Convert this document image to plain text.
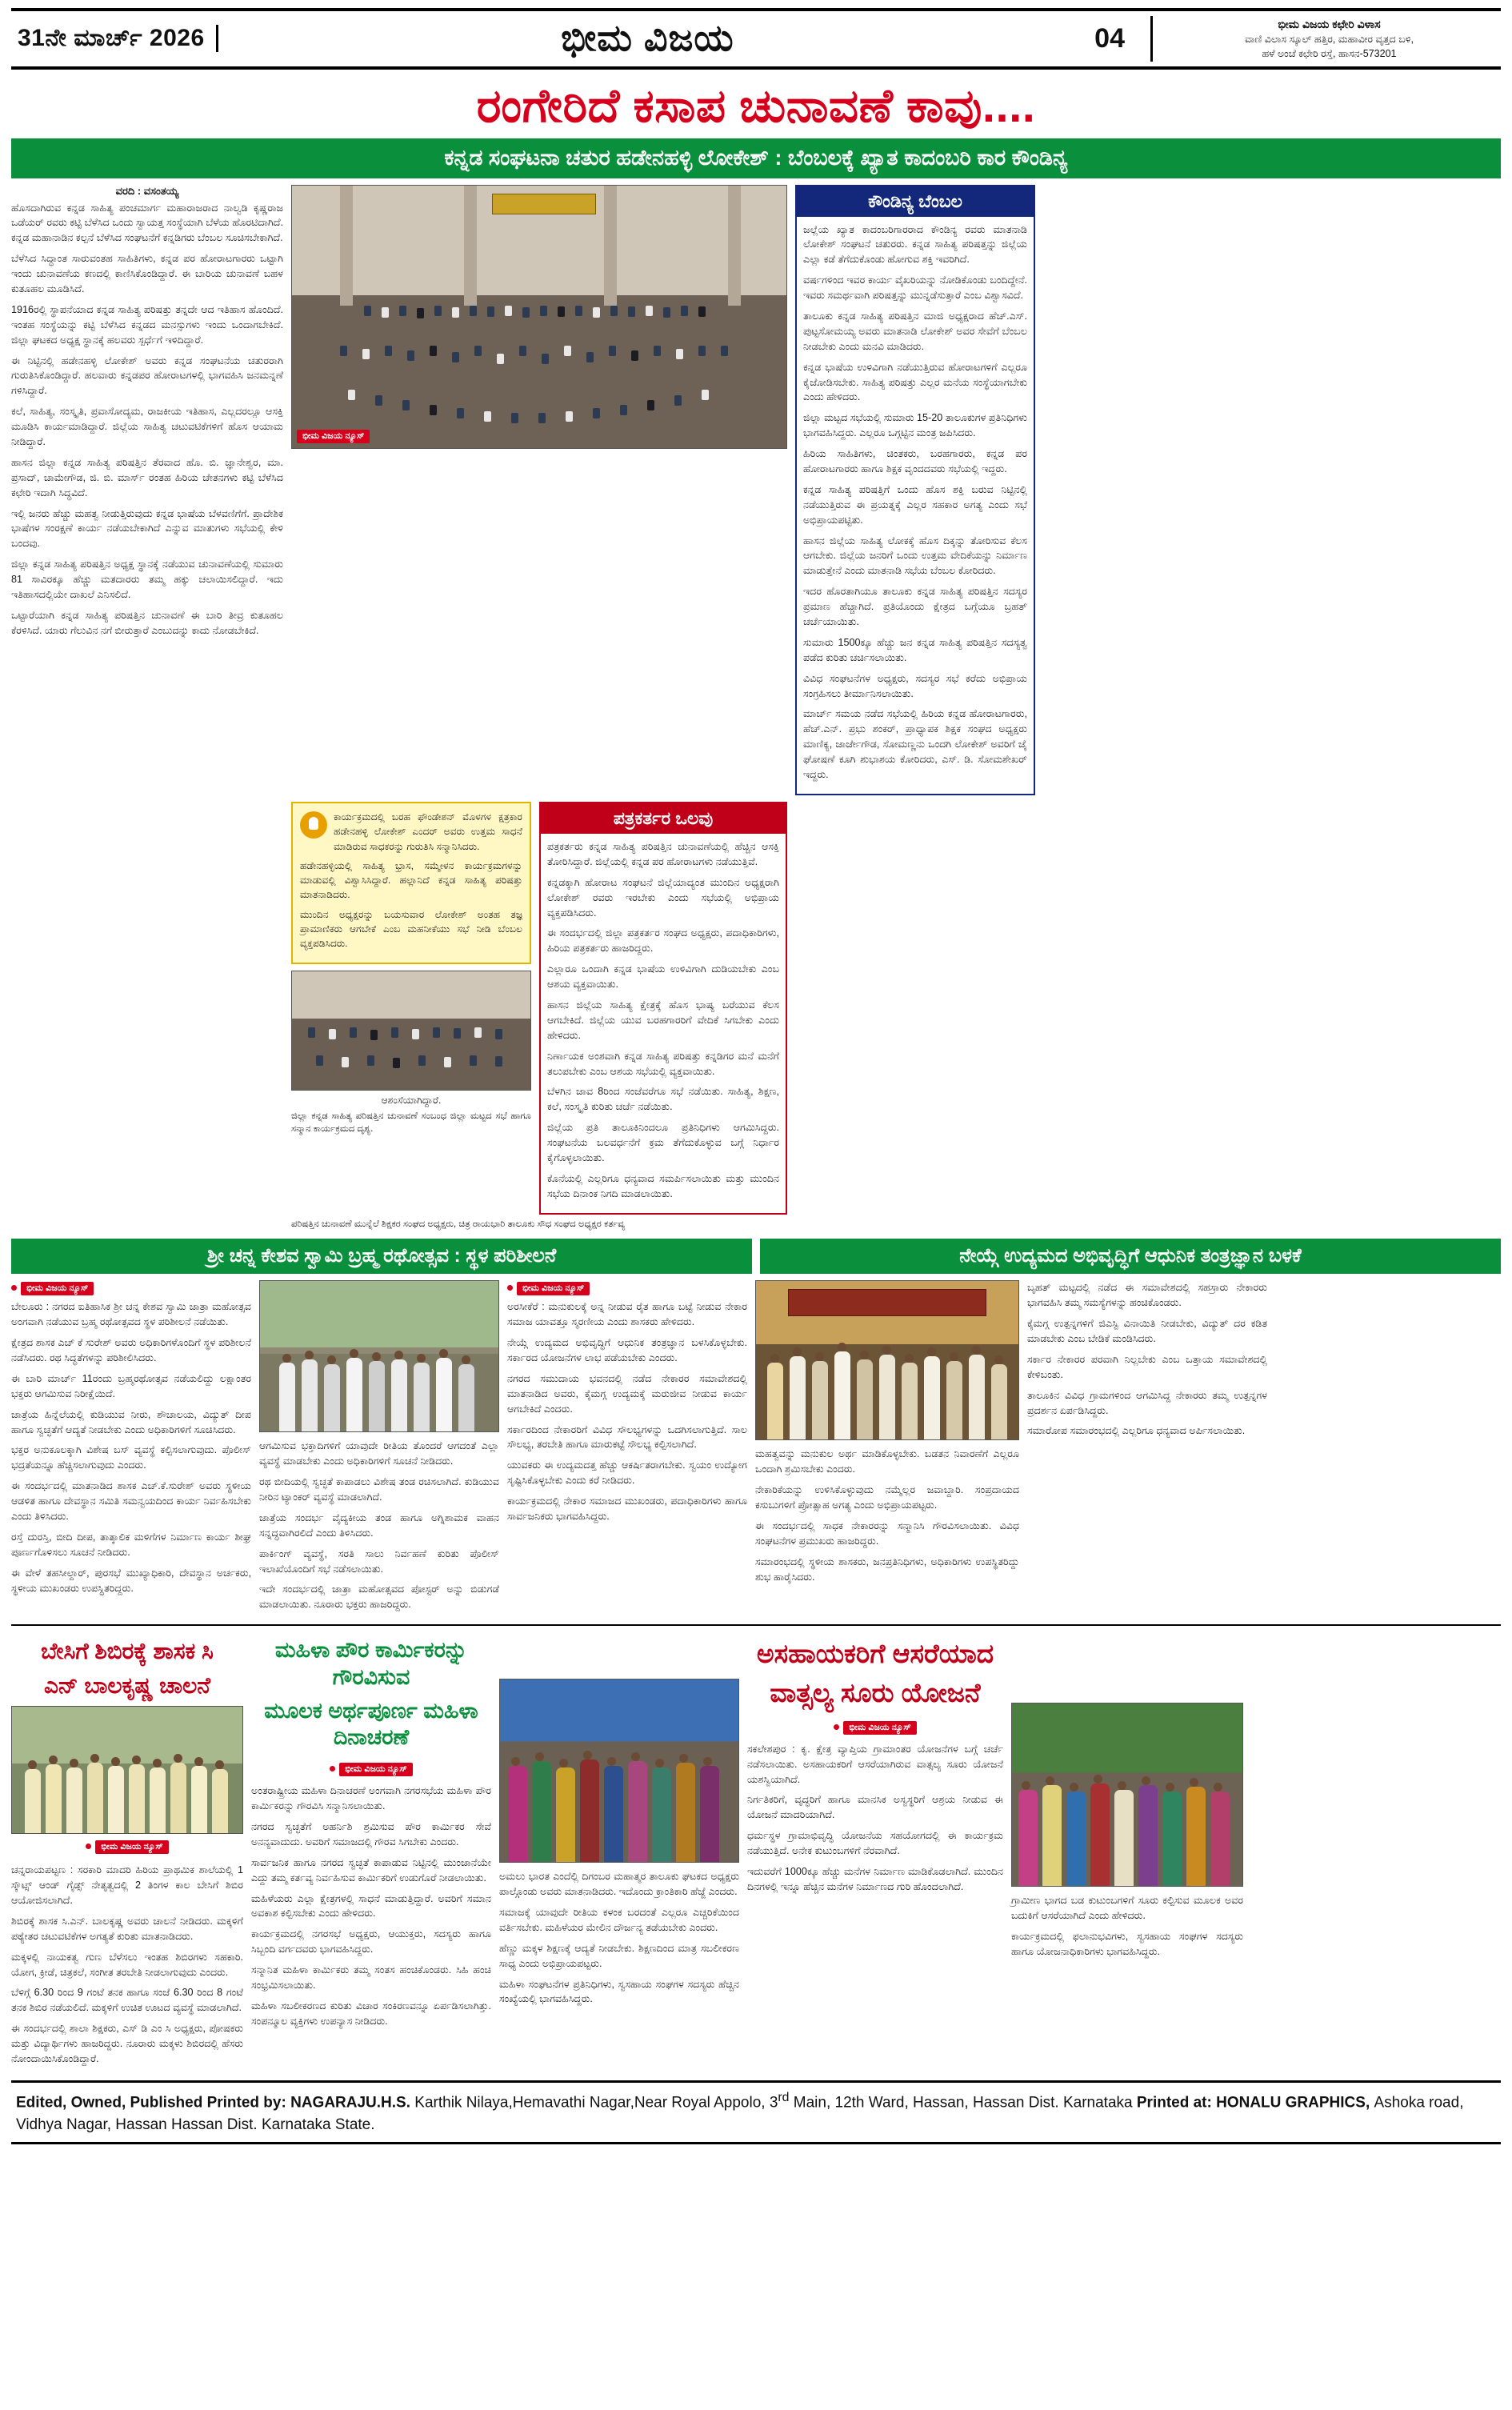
31ನೇ ಮಾರ್ಚ್ 2026	ಭೀಮ ವಿಜಯ	04	ಭೀಮ ವಿಜಯ ಕಛೇರಿ ವಿಳಾಸ
ವಾಣಿ ವಿಲಾಸ ಸ್ಕೂಲ್ ಹತ್ತಿರ, ಮಹಾವೀರ ವೃತ್ತದ ಬಳಿ,
ಹಳೆ ಅಂಚೆ ಕಛೇರಿ ರಸ್ತೆ, ಹಾಸನ-573201
ರಂಗೇರಿದೆ ಕಸಾಪ ಚುನಾವಣೆ ಕಾವು....
ಕನ್ನಡ ಸಂಘಟನಾ ಚತುರ ಹಡೇನಹಳ್ಳಿ ಲೋಕೇಶ್ : ಬೆಂಬಲಕ್ಕೆ ಖ್ಯಾತ ಕಾದಂಬರಿ ಕಾರ ಕೌಂಡಿನ್ಯ
ವರದಿ : ವಸಂತಯ್ಯ

ಹೊಸದಾಗಿರುವ ಕನ್ನಡ ಸಾಹಿತ್ಯ ಪಂಚಮಾರ್ಗ ಮಹಾರಾಜರಾದ ನಾಲ್ವಡಿ ಕೃಷ್ಣರಾಜ ಒಡೆಯರ್ ರವರು ಕಟ್ಟಿ ಬೆಳೆಸಿದ ಒಂದು ಸ್ವಾಯತ್ತ ಸಂಸ್ಥೆಯಾಗಿ ಬೆಳೆಯ ಹೊರಟಿದಾಗಿದೆ. ಕನ್ನಡ ಮಹಾನಾಡಿನ ಕಲ್ಪನೆ ಬೆಳೆಸಿದ ಸಂಘಟನೆಗೆ ಕನ್ನಡಿಗರು ಬೆಂಬಲ ಸೂಚಿಸಬೇಕಾಗಿದೆ.

ಬೆಳೆಸಿದ ಸಿದ್ಧಾಂತ ಸಾರುವಂತಹ ಸಾಹಿತಿಗಳು, ಕನ್ನಡ ಪರ ಹೋರಾಟಗಾರರು ಒಟ್ಟಾಗಿ ಇಂದು ಚುನಾವಣೆಯ ಕಣದಲ್ಲಿ ಕಾಣಿಸಿಕೊಂಡಿದ್ದಾರೆ. ಈ ಬಾರಿಯ ಚುನಾವಣೆ ಬಹಳ ಕುತೂಹಲ ಮೂಡಿಸಿದೆ.

1916ರಲ್ಲಿ ಸ್ಥಾಪನೆಯಾದ ಕನ್ನಡ ಸಾಹಿತ್ಯ ಪರಿಷತ್ತು ತನ್ನದೇ ಆದ ಇತಿಹಾಸ ಹೊಂದಿದೆ. ಇಂತಹ ಸಂಸ್ಥೆಯನ್ನು ಕಟ್ಟಿ ಬೆಳೆಸಿದ ಕನ್ನಡದ ಮನಸ್ಸುಗಳು ಇಂದು ಒಂದಾಗಬೇಕಿದೆ. ಜಿಲ್ಲಾ ಘಟಕದ ಅಧ್ಯಕ್ಷ ಸ್ಥಾನಕ್ಕೆ ಹಲವರು ಸ್ಪರ್ಧೆಗೆ ಇಳಿದಿದ್ದಾರೆ.

ಈ ನಿಟ್ಟಿನಲ್ಲಿ ಹಡೇನಹಳ್ಳಿ ಲೋಕೇಶ್ ಅವರು ಕನ್ನಡ ಸಂಘಟನೆಯ ಚತುರರಾಗಿ ಗುರುತಿಸಿಕೊಂಡಿದ್ದಾರೆ. ಹಲವಾರು ಕನ್ನಡಪರ ಹೋರಾಟಗಳಲ್ಲಿ ಭಾಗವಹಿಸಿ ಜನಮನ್ನಣೆ ಗಳಿಸಿದ್ದಾರೆ.

ಕಲೆ, ಸಾಹಿತ್ಯ, ಸಂಸ್ಕೃತಿ, ಪ್ರವಾಸೋದ್ಯಮ, ರಾಜಕೀಯ ಇತಿಹಾಸ, ಎಲ್ಲದರಲ್ಲೂ ಆಸಕ್ತಿ ಮೂಡಿಸಿ ಕಾರ್ಯಮಾಡಿದ್ದಾರೆ. ಜಿಲ್ಲೆಯ ಸಾಹಿತ್ಯ ಚಟುವಟಿಕೆಗಳಿಗೆ ಹೊಸ ಆಯಾಮ ನೀಡಿದ್ದಾರೆ.

ಹಾಸನ ಜಿಲ್ಲಾ ಕನ್ನಡ ಸಾಹಿತ್ಯ ಪರಿಷತ್ತಿನ ತೆರವಾದ ಹೊ. ಬಿ. ಜ್ಞಾನೇಶ್ವರ, ಮಾ. ಪ್ರಸಾದ್, ಚಾಮೇಗೌಡ, ಜಿ. ಬಿ. ಮಾರ್ಸ್ ರಂತಹ ಹಿರಿಯ ಚೇತನಗಳು ಕಟ್ಟಿ ಬೆಳೆಸಿದ ಕಛೇರಿ ಇದಾಗಿ ಸಿದ್ಧವಿದೆ.

ಇಲ್ಲಿ ಜನರು ಹೆಚ್ಚು ಮಹತ್ವ ನೀಡುತ್ತಿರುವುದು ಕನ್ನಡ ಭಾಷೆಯ ಬೆಳವಣಿಗೆಗೆ. ಪ್ರಾದೇಶಿಕ ಭಾಷೆಗಳ ಸಂರಕ್ಷಣೆ ಕಾರ್ಯ ನಡೆಯಬೇಕಾಗಿದೆ ಎನ್ನುವ ಮಾತುಗಳು ಸಭೆಯಲ್ಲಿ ಕೇಳಿ ಬಂದವು.

ಜಿಲ್ಲಾ ಕನ್ನಡ ಸಾಹಿತ್ಯ ಪರಿಷತ್ತಿನ ಅಧ್ಯಕ್ಷ ಸ್ಥಾನಕ್ಕೆ ನಡೆಯುವ ಚುನಾವಣೆಯಲ್ಲಿ ಸುಮಾರು 81 ಸಾವಿರಕ್ಕೂ ಹೆಚ್ಚು ಮತದಾರರು ತಮ್ಮ ಹಕ್ಕು ಚಲಾಯಿಸಲಿದ್ದಾರೆ. ಇದು ಇತಿಹಾಸದಲ್ಲಿಯೇ ದಾಖಲೆ ಎನಿಸಲಿದೆ.

ಒಟ್ಟಾರೆಯಾಗಿ ಕನ್ನಡ ಸಾಹಿತ್ಯ ಪರಿಷತ್ತಿನ ಚುನಾವಣೆ ಈ ಬಾರಿ ತೀವ್ರ ಕುತೂಹಲ ಕೆರಳಿಸಿದೆ. ಯಾರು ಗೆಲುವಿನ ನಗೆ ಬೀರುತ್ತಾರೆ ಎಂಬುದನ್ನು ಕಾದು ನೋಡಬೇಕಿದೆ.

ಭೀಮ ವಿಜಯ ನ್ಯೂಸ್
ಕೌಂಡಿನ್ಯ ಬೆಂಬಲ

ಜಲ್ಲೆಯ ಖ್ಯಾತ ಕಾದಂಬರಿಗಾರರಾದ ಕೌಂಡಿನ್ಯ ರವರು ಮಾತನಾಡಿ ಲೋಕೇಶ್ ಸಂಘಟನೆ ಚತುರರು. ಕನ್ನಡ ಸಾಹಿತ್ಯ ಪರಿಷತ್ತನ್ನು ಜಿಲ್ಲೆಯ ಎಲ್ಲಾ ಕಡೆ ತೆಗೆದುಕೊಂಡು ಹೋಗುವ ಶಕ್ತಿ ಇವರಿಗಿದೆ.

ವರ್ಷಗಳಿಂದ ಇವರ ಕಾರ್ಯ ವೈಖರಿಯನ್ನು ನೋಡಿಕೊಂಡು ಬಂದಿದ್ದೇನೆ. ಇವರು ಸಮರ್ಥವಾಗಿ ಪರಿಷತ್ತನ್ನು ಮುನ್ನಡೆಸುತ್ತಾರೆ ಎಂಬ ವಿಶ್ವಾಸವಿದೆ.

ತಾಲೂಕು ಕನ್ನಡ ಸಾಹಿತ್ಯ ಪರಿಷತ್ತಿನ ಮಾಜಿ ಅಧ್ಯಕ್ಷರಾದ ಹೆಚ್.ಎಸ್. ಪುಟ್ಟಸೋಮಯ್ಯ ಅವರು ಮಾತನಾಡಿ ಲೋಕೇಶ್ ಅವರ ಸೇವೆಗೆ ಬೆಂಬಲ ನೀಡಬೇಕು ಎಂದು ಮನವಿ ಮಾಡಿದರು.

ಕನ್ನಡ ಭಾಷೆಯ ಉಳಿವಿಗಾಗಿ ನಡೆಯುತ್ತಿರುವ ಹೋರಾಟಗಳಿಗೆ ಎಲ್ಲರೂ ಕೈಜೋಡಿಸಬೇಕು. ಸಾಹಿತ್ಯ ಪರಿಷತ್ತು ಎಲ್ಲರ ಮನೆಯ ಸಂಸ್ಥೆಯಾಗಬೇಕು ಎಂದು ಹೇಳಿದರು.

ಜಿಲ್ಲಾ ಮಟ್ಟದ ಸಭೆಯಲ್ಲಿ ಸುಮಾರು 15-20 ತಾಲೂಕುಗಳ ಪ್ರತಿನಿಧಿಗಳು ಭಾಗವಹಿಸಿದ್ದರು. ಎಲ್ಲರೂ ಒಗ್ಗಟ್ಟಿನ ಮಂತ್ರ ಜಪಿಸಿದರು.

ಹಿರಿಯ ಸಾಹಿತಿಗಳು, ಚಿಂತಕರು, ಬರಹಗಾರರು, ಕನ್ನಡ ಪರ ಹೋರಾಟಗಾರರು ಹಾಗೂ ಶಿಕ್ಷಕ ವೃಂದದವರು ಸಭೆಯಲ್ಲಿ ಇದ್ದರು.

ಕನ್ನಡ ಸಾಹಿತ್ಯ ಪರಿಷತ್ತಿಗೆ ಒಂದು ಹೊಸ ಶಕ್ತಿ ಬರುವ ನಿಟ್ಟಿನಲ್ಲಿ ನಡೆಯುತ್ತಿರುವ ಈ ಪ್ರಯತ್ನಕ್ಕೆ ಎಲ್ಲರ ಸಹಕಾರ ಅಗತ್ಯ ಎಂದು ಸಭೆ ಅಭಿಪ್ರಾಯಪಟ್ಟಿತು.

ಹಾಸನ ಜಿಲ್ಲೆಯ ಸಾಹಿತ್ಯ ಲೋಕಕ್ಕೆ ಹೊಸ ದಿಕ್ಕನ್ನು ತೋರಿಸುವ ಕೆಲಸ ಆಗಬೇಕು. ಜಿಲ್ಲೆಯ ಜನರಿಗೆ ಒಂದು ಉತ್ತಮ ವೇದಿಕೆಯನ್ನು ನಿರ್ಮಾಣ ಮಾಡುತ್ತೇನೆ ಎಂದು ಮಾತನಾಡಿ ಸಭೆಯ ಬೆಂಬಲ ಕೋರಿದರು.

ಇದರ ಹೊರತಾಗಿಯೂ ತಾಲೂಕು ಕನ್ನಡ ಸಾಹಿತ್ಯ ಪರಿಷತ್ತಿನ ಸದಸ್ಯರ ಪ್ರಮಾಣ ಹೆಚ್ಚಾಗಿದೆ. ಪ್ರತಿಯೊಂದು ಕ್ಷೇತ್ರದ ಬಗ್ಗೆಯೂ ಬ್ರಹತ್ ಚರ್ಚೆಯಾಯಿತು.

ಸುಮಾರು 1500ಕ್ಕೂ ಹೆಚ್ಚು ಜನ ಕನ್ನಡ ಸಾಹಿತ್ಯ ಪರಿಷತ್ತಿನ ಸದಸ್ಯತ್ವ ಪಡೆದ ಕುರಿತು ಚರ್ಚಿಸಲಾಯಿತು.

ವಿವಿಧ ಸಂಘಟನೆಗಳ ಅಧ್ಯಕ್ಷರು, ಸದಸ್ಯರ ಸಭೆ ಕರೆದು ಅಭಿಪ್ರಾಯ ಸಂಗ್ರಹಿಸಲು ತೀರ್ಮಾನಿಸಲಾಯಿತು.

ಮಾರ್ಚ್ ಸಮಯ ನಡೆದ ಸಭೆಯಲ್ಲಿ ಹಿರಿಯ ಕನ್ನಡ ಹೋರಾಟಗಾರರು, ಹೆಚ್.ಎನ್. ಪ್ರಭು ಶಂಕರ್, ಪ್ರಾಧ್ಯಾಪಕ ಶಿಕ್ಷಕ ಸಂಘದ ಅಧ್ಯಕ್ಷರು ಮಾಣಿಕ್ಯ, ಜಾರ್ಜೇಗೌಡ, ಸೋಮಣ್ಣನು ಒಂದಗಿ ಲೋಕೇಶ್ ಅವರಿಗೆ ಜೈ ಘೋಷಣೆ ಕೂಗಿ ಶುಭಾಶಯ ಕೋರಿದರು, ಎಸ್. ಡಿ. ಸೋಮಶೇಖರ್ ಇದ್ದರು.

ಕಾರ್ಯಕ್ರಮದಲ್ಲಿ ಬರಹ ಫೌಂಡೇಶನ್ ಮೊಳಗಳ ಕ್ಷತ್ರಕಾರ ಹಡೇನಹಳ್ಳಿ ಲೋಕೇಶ್ ಎಂದರ್ ಅವರು ಉತ್ತಮ ಸಾಧನೆ ಮಾಡಿರುವ ಸಾಧಕರನ್ನು ಗುರುತಿಸಿ ಸನ್ಮಾನಿಸಿದರು.

ಹಡೇನಹಳ್ಳಿಯಲ್ಲಿ ಸಾಹಿತ್ಯ ಭ್ರಾಸ, ಸಮ್ಮೇಳನ ಕಾರ್ಯಕ್ರಮಗಳನ್ನು ಮಾಡುವಲ್ಲಿ ವಿಶ್ವಾಸಿಸಿದ್ದಾರೆ. ಹಲ್ಲಾನಿದೆ ಕನ್ನಡ ಸಾಹಿತ್ಯ ಪರಿಷತ್ತು ಮಾತನಾಡಿದರು.

ಮುಂದಿನ ಅಧ್ಯಕ್ಷರನ್ನು ಬಯಸುವಾರ ಲೋಕೇಶ್ ಅಂತಹ ತಜ್ಞ ಪ್ರಾಮಾಣಿಕರು ಆಗಬೇಕೆ ಎಂಬ ಮಹನೀಕೆಯು ಸಭೆ ನೀಡಿ ಬೆಂಬಲ ವ್ಯಕ್ತಪಡಿಸಿದರು.

ಆಶಂಸೆಯಾಗಿದ್ದಾರೆ.
ಜಿಲ್ಲಾ ಕನ್ನಡ ಸಾಹಿತ್ಯ ಪರಿಷತ್ತಿನ ಚುನಾವಣೆ ಸಂಬಂಧ ಜಿಲ್ಲಾ ಮಟ್ಟದ ಸಭೆ ಹಾಗೂ ಸನ್ಮಾನ ಕಾರ್ಯಕ್ರಮದ ದೃಶ್ಯ.
ಪತ್ರಕರ್ತರ ಒಲವು

ಪತ್ರಕರ್ತರು ಕನ್ನಡ ಸಾಹಿತ್ಯ ಪರಿಷತ್ತಿನ ಚುನಾವಣೆಯಲ್ಲಿ ಹೆಚ್ಚಿನ ಆಸಕ್ತಿ ತೋರಿಸಿದ್ದಾರೆ. ಜಿಲ್ಲೆಯಲ್ಲಿ ಕನ್ನಡ ಪರ ಹೋರಾಟಗಳು ನಡೆಯುತ್ತಿವೆ.

ಕನ್ನಡಕ್ಕಾಗಿ ಹೋರಾಟ ಸಂಘಟನೆ ಜಿಲ್ಲೆಯಾದ್ಯಂತ ಮುಂದಿನ ಅಧ್ಯಕ್ಷರಾಗಿ ಲೋಕೇಶ್ ರವರು ಇರಬೇಕು ಎಂದು ಸಭೆಯಲ್ಲಿ ಅಭಿಪ್ರಾಯ ವ್ಯಕ್ತಪಡಿಸಿದರು.

ಈ ಸಂದರ್ಭದಲ್ಲಿ ಜಿಲ್ಲಾ ಪತ್ರಕರ್ತರ ಸಂಘದ ಅಧ್ಯಕ್ಷರು, ಪದಾಧಿಕಾರಿಗಳು, ಹಿರಿಯ ಪತ್ರಕರ್ತರು ಹಾಜರಿದ್ದರು.

ಎಲ್ಲಾರೂ ಒಂದಾಗಿ ಕನ್ನಡ ಭಾಷೆಯ ಉಳಿವಿಗಾಗಿ ದುಡಿಯಬೇಕು ಎಂಬ ಆಶಯ ವ್ಯಕ್ತವಾಯಿತು.

ಹಾಸನ ಜಿಲ್ಲೆಯ ಸಾಹಿತ್ಯ ಕ್ಷೇತ್ರಕ್ಕೆ ಹೊಸ ಭಾಷ್ಯ ಬರೆಯುವ ಕೆಲಸ ಆಗಬೇಕಿದೆ. ಜಿಲ್ಲೆಯ ಯುವ ಬರಹಗಾರರಿಗೆ ವೇದಿಕೆ ಸಿಗಬೇಕು ಎಂದು ಹೇಳಿದರು.

ನಿರ್ಣಾಯಕ ಅಂಶವಾಗಿ ಕನ್ನಡ ಸಾಹಿತ್ಯ ಪರಿಷತ್ತು ಕನ್ನಡಿಗರ ಮನೆ ಮನೆಗೆ ತಲುಪಬೇಕು ಎಂಬ ಆಶಯ ಸಭೆಯಲ್ಲಿ ವ್ಯಕ್ತವಾಯಿತು.

ಬೆಳಗಿನ ಜಾವ 8ರಿಂದ ಸಂಜೆವರೆಗೂ ಸಭೆ ನಡೆಯಿತು. ಸಾಹಿತ್ಯ, ಶಿಕ್ಷಣ, ಕಲೆ, ಸಂಸ್ಕೃತಿ ಕುರಿತು ಚರ್ಚೆ ನಡೆಯಿತು.

ಜಿಲ್ಲೆಯ ಪ್ರತಿ ತಾಲೂಕಿನಿಂದಲೂ ಪ್ರತಿನಿಧಿಗಳು ಆಗಮಿಸಿದ್ದರು. ಸಂಘಟನೆಯ ಬಲವರ್ಧನೆಗೆ ಕ್ರಮ ತೆಗೆದುಕೊಳ್ಳುವ ಬಗ್ಗೆ ನಿರ್ಧಾರ ಕೈಗೊಳ್ಳಲಾಯಿತು.

ಕೊನೆಯಲ್ಲಿ ಎಲ್ಲರಿಗೂ ಧನ್ಯವಾದ ಸಮರ್ಪಿಸಲಾಯಿತು ಮತ್ತು ಮುಂದಿನ ಸಭೆಯ ದಿನಾಂಕ ನಿಗದಿ ಮಾಡಲಾಯಿತು.

ಪರಿಷತ್ತಿನ ಚುನಾವಣೆ ಮುನ್ನೆಲೆ ಶಿಕ್ಷಕರ ಸಂಘದ ಅಧ್ಯಕ್ಷರು, ಚಿತ್ರ ರಾಯಭಾರಿ ತಾಲೂಕು ಸೌಧ ಸಂಘದ ಅಧ್ಯಕ್ಷರ ಕರ್ತವ್ಯ
ಶ್ರೀ ಚನ್ನ ಕೇಶವ ಸ್ವಾಮಿ ಬ್ರಹ್ಮ ರಥೋತ್ಸವ : ಸ್ಥಳ ಪರಿಶೀಲನೆ	ನೇಯ್ಗೆ ಉದ್ಯಮದ ಅಭಿವೃದ್ಧಿಗೆ ಆಧುನಿಕ ತಂತ್ರಜ್ಞಾನ ಬಳಕೆ
ಭೀಮ ವಿಜಯ ನ್ಯೂಸ್

ಬೇಲೂರು : ನಗರದ ಐತಿಹಾಸಿಕ ಶ್ರೀ ಚನ್ನ ಕೇಶವ ಸ್ವಾಮಿ ಜಾತ್ರಾ ಮಹೋತ್ಸವ ಅಂಗವಾಗಿ ನಡೆಯುವ ಬ್ರಹ್ಮ ರಥೋತ್ಸವದ ಸ್ಥಳ ಪರಿಶೀಲನೆ ನಡೆಯಿತು.

ಕ್ಷೇತ್ರದ ಶಾಸಕ ಎಚ್ ಕೆ ಸುರೇಶ್ ಅವರು ಅಧಿಕಾರಿಗಳೊಂದಿಗೆ ಸ್ಥಳ ಪರಿಶೀಲನೆ ನಡೆಸಿದರು. ರಥ ಸಿದ್ಧತೆಗಳನ್ನು ಪರಿಶೀಲಿಸಿದರು.

ಈ ಬಾರಿ ಮಾರ್ಚ್ 11ರಂದು ಬ್ರಹ್ಮರಥೋತ್ಸವ ನಡೆಯಲಿದ್ದು ಲಕ್ಷಾಂತರ ಭಕ್ತರು ಆಗಮಿಸುವ ನಿರೀಕ್ಷೆಯಿದೆ.

ಜಾತ್ರೆಯ ಹಿನ್ನೆಲೆಯಲ್ಲಿ ಕುಡಿಯುವ ನೀರು, ಶೌಚಾಲಯ, ವಿದ್ಯುತ್ ದೀಪ ಹಾಗೂ ಸ್ವಚ್ಛತೆಗೆ ಆದ್ಯತೆ ನೀಡಬೇಕು ಎಂದು ಅಧಿಕಾರಿಗಳಿಗೆ ಸೂಚಿಸಿದರು.

ಭಕ್ತರ ಅನುಕೂಲಕ್ಕಾಗಿ ವಿಶೇಷ ಬಸ್ ವ್ಯವಸ್ಥೆ ಕಲ್ಪಿಸಲಾಗುವುದು. ಪೊಲೀಸ್ ಭದ್ರತೆಯನ್ನೂ ಹೆಚ್ಚಿಸಲಾಗುವುದು ಎಂದರು.

ಈ ಸಂದರ್ಭದಲ್ಲಿ ಮಾತನಾಡಿದ ಶಾಸಕ ಎಚ್.ಕೆ.ಸುರೇಶ್ ಅವರು ಸ್ಥಳೀಯ ಆಡಳಿತ ಹಾಗೂ ದೇವಸ್ಥಾನ ಸಮಿತಿ ಸಮನ್ವಯದಿಂದ ಕಾರ್ಯ ನಿರ್ವಹಿಸಬೇಕು ಎಂದು ತಿಳಿಸಿದರು.

ರಸ್ತೆ ದುರಸ್ತಿ, ಬೀದಿ ದೀಪ, ತಾತ್ಕಾಲಿಕ ಮಳಿಗೆಗಳ ನಿರ್ಮಾಣ ಕಾರ್ಯ ಶೀಘ್ರ ಪೂರ್ಣಗೊಳಿಸಲು ಸೂಚನೆ ನೀಡಿದರು.

ಈ ವೇಳೆ ತಹಸೀಲ್ದಾರ್, ಪುರಸಭೆ ಮುಖ್ಯಾಧಿಕಾರಿ, ದೇವಸ್ಥಾನ ಅರ್ಚಕರು, ಸ್ಥಳೀಯ ಮುಖಂಡರು ಉಪಸ್ಥಿತರಿದ್ದರು.

ಆಗಮಿಸುವ ಭಕ್ತಾದಿಗಳಿಗೆ ಯಾವುದೇ ರೀತಿಯ ತೊಂದರೆ ಆಗದಂತೆ ಎಲ್ಲಾ ವ್ಯವಸ್ಥೆ ಮಾಡಬೇಕು ಎಂದು ಅಧಿಕಾರಿಗಳಿಗೆ ಸೂಚನೆ ನೀಡಿದರು.

ರಥ ಬೀದಿಯಲ್ಲಿ ಸ್ವಚ್ಛತೆ ಕಾಪಾಡಲು ವಿಶೇಷ ತಂಡ ರಚಿಸಲಾಗಿದೆ. ಕುಡಿಯುವ ನೀರಿನ ಟ್ಯಾಂಕರ್ ವ್ಯವಸ್ಥೆ ಮಾಡಲಾಗಿದೆ.

ಜಾತ್ರೆಯ ಸಂದರ್ಭ ವೈದ್ಯಕೀಯ ತಂಡ ಹಾಗೂ ಅಗ್ನಿಶಾಮಕ ವಾಹನ ಸನ್ನದ್ಧವಾಗಿರಲಿದೆ ಎಂದು ತಿಳಿಸಿದರು.

ಪಾರ್ಕಿಂಗ್ ವ್ಯವಸ್ಥೆ, ಸರತಿ ಸಾಲು ನಿರ್ವಹಣೆ ಕುರಿತು ಪೊಲೀಸ್ ಇಲಾಖೆಯೊಂದಿಗೆ ಸಭೆ ನಡೆಸಲಾಯಿತು.

ಇದೇ ಸಂದರ್ಭದಲ್ಲಿ ಜಾತ್ರಾ ಮಹೋತ್ಸವದ ಪೋಸ್ಟರ್ ಅನ್ನು ಬಿಡುಗಡೆ ಮಾಡಲಾಯಿತು. ನೂರಾರು ಭಕ್ತರು ಹಾಜರಿದ್ದರು.

ಭೀಮ ವಿಜಯ ನ್ಯೂಸ್

ಅರಸೀಕೆರೆ : ಮನುಕುಲಕ್ಕೆ ಅನ್ನ ನೀಡುವ ರೈತ ಹಾಗೂ ಬಟ್ಟೆ ನೀಡುವ ನೇಕಾರ ಸಮಾಜ ಯಾವತ್ತೂ ಸ್ಮರಣೀಯ ಎಂದು ಶಾಸಕರು ಹೇಳಿದರು.

ನೇಯ್ಗೆ ಉದ್ಯಮದ ಅಭಿವೃದ್ಧಿಗೆ ಆಧುನಿಕ ತಂತ್ರಜ್ಞಾನ ಬಳಸಿಕೊಳ್ಳಬೇಕು. ಸರ್ಕಾರದ ಯೋಜನೆಗಳ ಲಾಭ ಪಡೆಯಬೇಕು ಎಂದರು.

ನಗರದ ಸಮುದಾಯ ಭವನದಲ್ಲಿ ನಡೆದ ನೇಕಾರರ ಸಮಾವೇಶದಲ್ಲಿ ಮಾತನಾಡಿದ ಅವರು, ಕೈಮಗ್ಗ ಉದ್ಯಮಕ್ಕೆ ಮರುಜೀವ ನೀಡುವ ಕಾರ್ಯ ಆಗಬೇಕಿದೆ ಎಂದರು.

ಸರ್ಕಾರದಿಂದ ನೇಕಾರರಿಗೆ ವಿವಿಧ ಸೌಲಭ್ಯಗಳನ್ನು ಒದಗಿಸಲಾಗುತ್ತಿದೆ. ಸಾಲ ಸೌಲಭ್ಯ, ತರಬೇತಿ ಹಾಗೂ ಮಾರುಕಟ್ಟೆ ಸೌಲಭ್ಯ ಕಲ್ಪಿಸಲಾಗಿದೆ.

ಯುವಕರು ಈ ಉದ್ಯಮದತ್ತ ಹೆಚ್ಚು ಆಕರ್ಷಿತರಾಗಬೇಕು. ಸ್ವಯಂ ಉದ್ಯೋಗ ಸೃಷ್ಟಿಸಿಕೊಳ್ಳಬೇಕು ಎಂದು ಕರೆ ನೀಡಿದರು.

ಕಾರ್ಯಕ್ರಮದಲ್ಲಿ ನೇಕಾರ ಸಮಾಜದ ಮುಖಂಡರು, ಪದಾಧಿಕಾರಿಗಳು ಹಾಗೂ ಸಾರ್ವಜನಿಕರು ಭಾಗವಹಿಸಿದ್ದರು.

ಮಹತ್ವವನ್ನು ಮನುಕುಲ ಅರ್ಥ ಮಾಡಿಕೊಳ್ಳಬೇಕು. ಬಡತನ ನಿವಾರಣೆಗೆ ಎಲ್ಲರೂ ಒಂದಾಗಿ ಶ್ರಮಿಸಬೇಕು ಎಂದರು.

ನೇಕಾರಿಕೆಯನ್ನು ಉಳಿಸಿಕೊಳ್ಳುವುದು ನಮ್ಮೆಲ್ಲರ ಜವಾಬ್ದಾರಿ. ಸಂಪ್ರದಾಯದ ಕಸುಬುಗಳಿಗೆ ಪ್ರೋತ್ಸಾಹ ಅಗತ್ಯ ಎಂದು ಅಭಿಪ್ರಾಯಪಟ್ಟರು.

ಈ ಸಂದರ್ಭದಲ್ಲಿ ಸಾಧಕ ನೇಕಾರರನ್ನು ಸನ್ಮಾನಿಸಿ ಗೌರವಿಸಲಾಯಿತು. ವಿವಿಧ ಸಂಘಟನೆಗಳ ಪ್ರಮುಖರು ಹಾಜರಿದ್ದರು.

ಸಮಾರಂಭದಲ್ಲಿ ಸ್ಥಳೀಯ ಶಾಸಕರು, ಜನಪ್ರತಿನಿಧಿಗಳು, ಅಧಿಕಾರಿಗಳು ಉಪಸ್ಥಿತರಿದ್ದು ಶುಭ ಹಾರೈಸಿದರು.

ಬೃಹತ್ ಮಟ್ಟದಲ್ಲಿ ನಡೆದ ಈ ಸಮಾವೇಶದಲ್ಲಿ ಸಹಸ್ರಾರು ನೇಕಾರರು ಭಾಗವಹಿಸಿ ತಮ್ಮ ಸಮಸ್ಯೆಗಳನ್ನು ಹಂಚಿಕೊಂಡರು.

ಕೈಮಗ್ಗ ಉತ್ಪನ್ನಗಳಿಗೆ ಜಿಎಸ್ಟಿ ವಿನಾಯಿತಿ ನೀಡಬೇಕು, ವಿದ್ಯುತ್ ದರ ಕಡಿತ ಮಾಡಬೇಕು ಎಂಬ ಬೇಡಿಕೆ ಮಂಡಿಸಿದರು.

ಸರ್ಕಾರ ನೇಕಾರರ ಪರವಾಗಿ ನಿಲ್ಲಬೇಕು ಎಂಬ ಒತ್ತಾಯ ಸಮಾವೇಶದಲ್ಲಿ ಕೇಳಿಬಂತು.

ತಾಲೂಕಿನ ವಿವಿಧ ಗ್ರಾಮಗಳಿಂದ ಆಗಮಿಸಿದ್ದ ನೇಕಾರರು ತಮ್ಮ ಉತ್ಪನ್ನಗಳ ಪ್ರದರ್ಶನ ಏರ್ಪಡಿಸಿದ್ದರು.

ಸಮಾರೋಪ ಸಮಾರಂಭದಲ್ಲಿ ಎಲ್ಲರಿಗೂ ಧನ್ಯವಾದ ಅರ್ಪಿಸಲಾಯಿತು.

ಬೇಸಿಗೆ ಶಿಬಿರಕ್ಕೆ ಶಾಸಕ ಸಿ
ಎನ್ ಬಾಲಕೃಷ್ಣ ಚಾಲನೆ
ಭೀಮ ವಿಜಯ ನ್ಯೂಸ್

ಚನ್ನರಾಯಪಟ್ಟಣ : ಸರಕಾರಿ ಮಾದರಿ ಹಿರಿಯ ಪ್ರಾಥಮಿಕ ಶಾಲೆಯಲ್ಲಿ 1 ಸ್ಕೌಟ್ಸ್ ಆಂಡ್ ಗೈಡ್ಸ್ ನೇತೃತ್ವದಲ್ಲಿ 2 ತಿಂಗಳ ಕಾಲ ಬೇಸಿಗೆ ಶಿಬಿರ ಆಯೋಜಿಸಲಾಗಿದೆ.

ಶಿಬಿರಕ್ಕೆ ಶಾಸಕ ಸಿ.ಎನ್. ಬಾಲಕೃಷ್ಣ ಅವರು ಚಾಲನೆ ನೀಡಿದರು. ಮಕ್ಕಳಿಗೆ ಪಠ್ಯೇತರ ಚಟುವಟಿಕೆಗಳ ಅಗತ್ಯತೆ ಕುರಿತು ಮಾತನಾಡಿದರು.

ಮಕ್ಕಳಲ್ಲಿ ನಾಯಕತ್ವ ಗುಣ ಬೆಳೆಸಲು ಇಂತಹ ಶಿಬಿರಗಳು ಸಹಕಾರಿ. ಯೋಗ, ಕ್ರೀಡೆ, ಚಿತ್ರಕಲೆ, ಸಂಗೀತ ತರಬೇತಿ ನೀಡಲಾಗುವುದು ಎಂದರು.

ಬೆಳಿಗ್ಗೆ 6.30 ರಿಂದ 9 ಗಂಟೆ ತನಕ ಹಾಗೂ ಸಂಜೆ 6.30 ರಿಂದ 8 ಗಂಟೆ ತನಕ ಶಿಬಿರ ನಡೆಯಲಿದೆ. ಮಕ್ಕಳಿಗೆ ಉಚಿತ ಊಟದ ವ್ಯವಸ್ಥೆ ಮಾಡಲಾಗಿದೆ.

ಈ ಸಂದರ್ಭದಲ್ಲಿ ಶಾಲಾ ಶಿಕ್ಷಕರು, ಎಸ್ ಡಿ ಎಂ ಸಿ ಅಧ್ಯಕ್ಷರು, ಪೋಷಕರು ಮತ್ತು ವಿದ್ಯಾರ್ಥಿಗಳು ಹಾಜರಿದ್ದರು. ನೂರಾರು ಮಕ್ಕಳು ಶಿಬಿರದಲ್ಲಿ ಹೆಸರು ನೋಂದಾಯಿಸಿಕೊಂಡಿದ್ದಾರೆ.

ಮಹಿಳಾ ಪೌರ ಕಾರ್ಮಿಕರನ್ನು ಗೌರವಿಸುವ
ಮೂಲಕ ಅರ್ಥಪೂರ್ಣ ಮಹಿಳಾ ದಿನಾಚರಣೆ
ಭೀಮ ವಿಜಯ ನ್ಯೂಸ್

ಅಂತರಾಷ್ಟ್ರೀಯ ಮಹಿಳಾ ದಿನಾಚರಣೆ ಅಂಗವಾಗಿ ನಗರಸಭೆಯ ಮಹಿಳಾ ಪೌರ ಕಾರ್ಮಿಕರನ್ನು ಗೌರವಿಸಿ ಸನ್ಮಾನಿಸಲಾಯಿತು.

ನಗರದ ಸ್ವಚ್ಛತೆಗೆ ಅಹರ್ನಿಶಿ ಶ್ರಮಿಸುವ ಪೌರ ಕಾರ್ಮಿಕರ ಸೇವೆ ಅನನ್ಯವಾದುದು. ಅವರಿಗೆ ಸಮಾಜದಲ್ಲಿ ಗೌರವ ಸಿಗಬೇಕು ಎಂದರು.

ಸಾರ್ವಜನಿಕ ಹಾಗೂ ನಗರದ ಸ್ವಚ್ಛತೆ ಕಾಪಾಡುವ ನಿಟ್ಟಿನಲ್ಲಿ ಮುಂಜಾನೆಯೇ ಎದ್ದು ತಮ್ಮ ಕರ್ತವ್ಯ ನಿರ್ವಹಿಸುವ ಕಾರ್ಮಿಕರಿಗೆ ಉಡುಗೊರೆ ನೀಡಲಾಯಿತು.

ಮಹಿಳೆಯರು ಎಲ್ಲಾ ಕ್ಷೇತ್ರಗಳಲ್ಲಿ ಸಾಧನೆ ಮಾಡುತ್ತಿದ್ದಾರೆ. ಅವರಿಗೆ ಸಮಾನ ಅವಕಾಶ ಕಲ್ಪಿಸಬೇಕು ಎಂದು ಹೇಳಿದರು.

ಕಾರ್ಯಕ್ರಮದಲ್ಲಿ ನಗರಸಭೆ ಅಧ್ಯಕ್ಷರು, ಆಯುಕ್ತರು, ಸದಸ್ಯರು ಹಾಗೂ ಸಿಬ್ಬಂದಿ ವರ್ಗದವರು ಭಾಗವಹಿಸಿದ್ದರು.

ಸನ್ಮಾನಿತ ಮಹಿಳಾ ಕಾರ್ಮಿಕರು ತಮ್ಮ ಸಂತಸ ಹಂಚಿಕೊಂಡರು. ಸಿಹಿ ಹಂಚಿ ಸಂಭ್ರಮಿಸಲಾಯಿತು.

ಮಹಿಳಾ ಸಬಲೀಕರಣದ ಕುರಿತು ವಿಚಾರ ಸಂಕಿರಣವನ್ನೂ ಏರ್ಪಡಿಸಲಾಗಿತ್ತು. ಸಂಪನ್ಮೂಲ ವ್ಯಕ್ತಿಗಳು ಉಪನ್ಯಾಸ ನೀಡಿದರು.

ಅಮಲು ಭಾರತ ಎಂದೆಲ್ಲಿ ದಿಗಂಬರ ಮಹಾತ್ಮರ ತಾಲೂಕು ಘಟಕದ ಅಧ್ಯಕ್ಷರು ಪಾಲ್ಗೊಂಡು ಅವರು ಮಾತನಾಡಿದರು. ಇದೊಂದು ಕ್ರಾಂತಿಕಾರಿ ಹೆಜ್ಜೆ ಎಂದರು.

ಸಮಾಜಕ್ಕೆ ಯಾವುದೇ ರೀತಿಯ ಕಳಂಕ ಬರದಂತೆ ಎಲ್ಲರೂ ಎಚ್ಚರಿಕೆಯಿಂದ ವರ್ತಿಸಬೇಕು. ಮಹಿಳೆಯರ ಮೇಲಿನ ದೌರ್ಜನ್ಯ ತಡೆಯಬೇಕು ಎಂದರು.

ಹೆಣ್ಣು ಮಕ್ಕಳ ಶಿಕ್ಷಣಕ್ಕೆ ಆದ್ಯತೆ ನೀಡಬೇಕು. ಶಿಕ್ಷಣದಿಂದ ಮಾತ್ರ ಸಬಲೀಕರಣ ಸಾಧ್ಯ ಎಂದು ಅಭಿಪ್ರಾಯಪಟ್ಟರು.

ಮಹಿಳಾ ಸಂಘಟನೆಗಳ ಪ್ರತಿನಿಧಿಗಳು, ಸ್ವಸಹಾಯ ಸಂಘಗಳ ಸದಸ್ಯರು ಹೆಚ್ಚಿನ ಸಂಖ್ಯೆಯಲ್ಲಿ ಭಾಗವಹಿಸಿದ್ದರು.

ಅಸಹಾಯಕರಿಗೆ ಆಸರೆಯಾದ
ವಾತ್ಸಲ್ಯ ಸೂರು ಯೋಜನೆ
ಭೀಮ ವಿಜಯ ನ್ಯೂಸ್

ಸಕಲೇಶಪುರ : ಕೃ. ಕ್ಷೇತ್ರ ವ್ಯಾಪ್ತಿಯ ಗ್ರಾಮಾಂತರ ಯೋಜನೆಗಳ ಬಗ್ಗೆ ಚರ್ಚೆ ನಡೆಸಲಾಯಿತು. ಅಸಹಾಯಕರಿಗೆ ಆಸರೆಯಾಗಿರುವ ವಾತ್ಸಲ್ಯ ಸೂರು ಯೋಜನೆ ಯಶಸ್ವಿಯಾಗಿದೆ.

ನಿರ್ಗತಿಕರಿಗೆ, ವೃದ್ಧರಿಗೆ ಹಾಗೂ ಮಾನಸಿಕ ಅಸ್ವಸ್ಥರಿಗೆ ಆಶ್ರಯ ನೀಡುವ ಈ ಯೋಜನೆ ಮಾದರಿಯಾಗಿದೆ.

ಧರ್ಮಸ್ಥಳ ಗ್ರಾಮಾಭಿವೃದ್ಧಿ ಯೋಜನೆಯ ಸಹಯೋಗದಲ್ಲಿ ಈ ಕಾರ್ಯಕ್ರಮ ನಡೆಯುತ್ತಿದೆ. ಅನೇಕ ಕುಟುಂಬಗಳಿಗೆ ನೆರವಾಗಿದೆ.

ಇದುವರೆಗೆ 1000ಕ್ಕೂ ಹೆಚ್ಚು ಮನೆಗಳ ನಿರ್ಮಾಣ ಮಾಡಿಕೊಡಲಾಗಿದೆ. ಮುಂದಿನ ದಿನಗಳಲ್ಲಿ ಇನ್ನೂ ಹೆಚ್ಚಿನ ಮನೆಗಳ ನಿರ್ಮಾಣದ ಗುರಿ ಹೊಂದಲಾಗಿದೆ.

ಗ್ರಾಮೀಣ ಭಾಗದ ಬಡ ಕುಟುಂಬಗಳಿಗೆ ಸೂರು ಕಲ್ಪಿಸುವ ಮೂಲಕ ಅವರ ಬದುಕಿಗೆ ಆಸರೆಯಾಗಿದೆ ಎಂದು ಹೇಳಿದರು.

ಕಾರ್ಯಕ್ರಮದಲ್ಲಿ ಫಲಾನುಭವಿಗಳು, ಸ್ವಸಹಾಯ ಸಂಘಗಳ ಸದಸ್ಯರು ಹಾಗೂ ಯೋಜನಾಧಿಕಾರಿಗಳು ಭಾಗವಹಿಸಿದ್ದರು.

Edited, Owned, Published Printed by: NAGARAJU.H.S. Karthik Nilaya,Hemavathi Nagar,Near Royal Appolo, 3rd Main, 12th Ward, Hassan, Hassan Dist. Karnataka Printed at: HONALU GRAPHICS, Ashoka road, Vidhya Nagar, Hassan Hassan Dist. Karnataka State.
